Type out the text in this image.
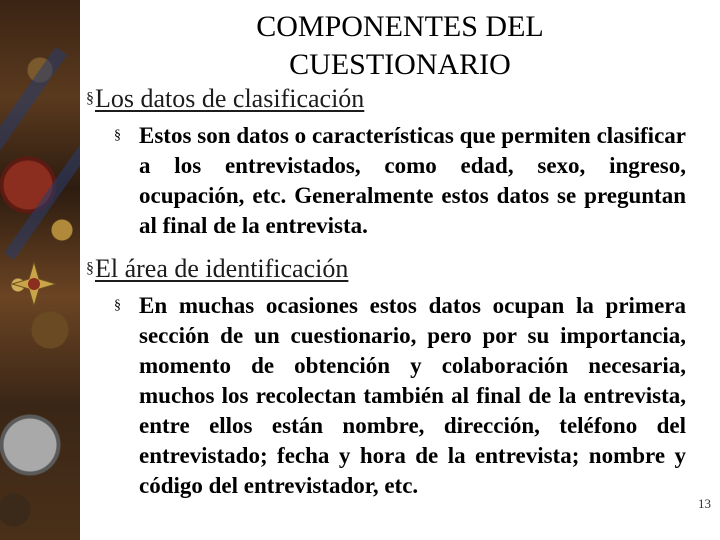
COMPONENTES DEL
CUESTIONARIO
§Los datos de clasificación
§ Estos son datos o características que permiten clasificar a los entrevistados, como edad, sexo, ingreso, ocupación, etc. Generalmente estos datos se preguntan al final de la entrevista.
§El área de identificación
§ En muchas ocasiones estos datos ocupan la primera sección de un cuestionario, pero por su importancia, momento de obtención y colaboración necesaria, muchos los recolectan también al final de la entrevista, entre ellos están nombre, dirección, teléfono del entrevistado; fecha y hora de la entrevista; nombre y código del entrevistador, etc.
13
